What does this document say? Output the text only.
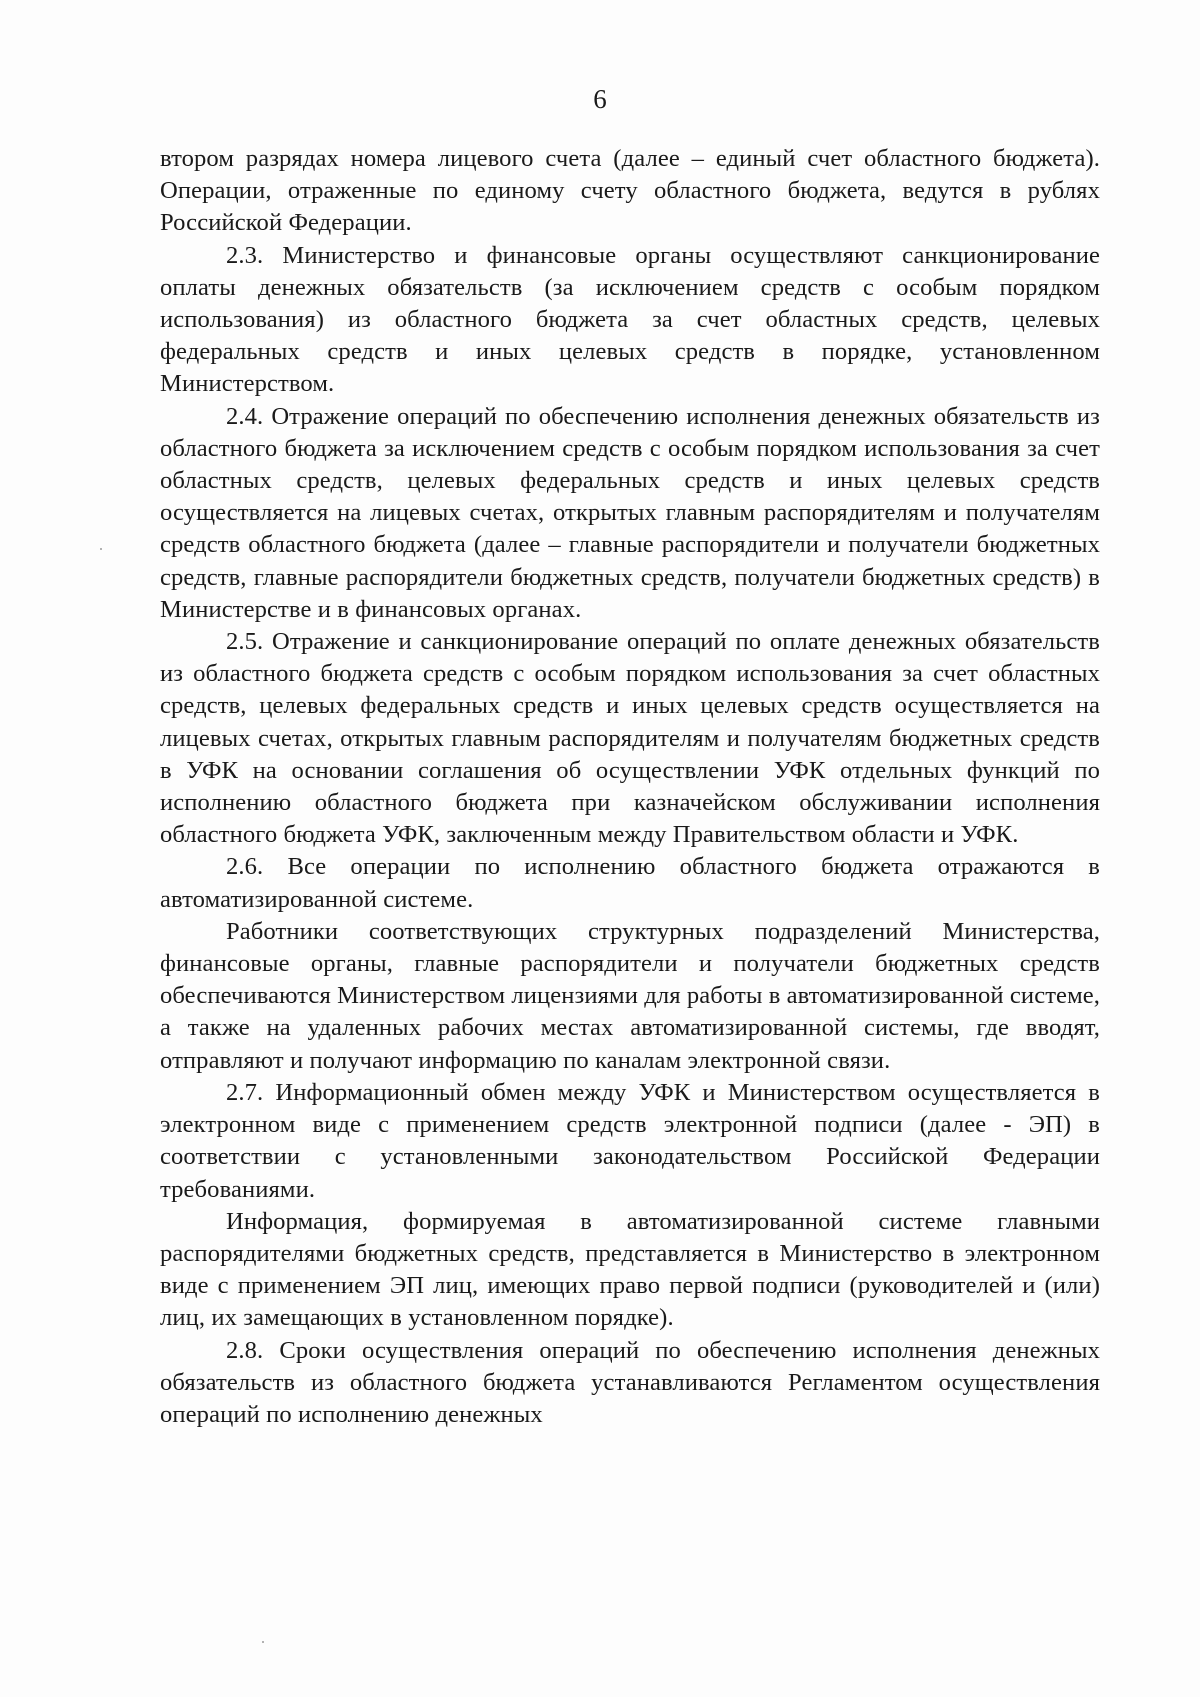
6

втором разрядах номера лицевого счета (далее – единый счет областного бюджета). Операции, отраженные по единому счету областного бюджета, ведутся в рублях Российской Федерации.

2.3. Министерство и финансовые органы осуществляют санкционирование оплаты денежных обязательств (за исключением средств с особым порядком использования) из областного бюджета за счет областных средств, целевых федеральных средств и иных целевых средств в порядке, установленном Министерством.

2.4. Отражение операций по обеспечению исполнения денежных обязательств из областного бюджета за исключением средств с особым порядком использования за счет областных средств, целевых федеральных средств и иных целевых средств осуществляется на лицевых счетах, открытых главным распорядителям и получателям средств областного бюджета (далее – главные распорядители и получатели бюджетных средств, главные распорядители бюджетных средств, получатели бюджетных средств) в Министерстве и в финансовых органах.

2.5. Отражение и санкционирование операций по оплате денежных обязательств из областного бюджета средств с особым порядком использования за счет областных средств, целевых федеральных средств и иных целевых средств осуществляется на лицевых счетах, открытых главным распорядителям и получателям бюджетных средств в УФК на основании соглашения об осуществлении УФК отдельных функций по исполнению областного бюджета при казначейском обслуживании исполнения областного бюджета УФК, заключенным между Правительством области и УФК.

2.6. Все операции по исполнению областного бюджета отражаются в автоматизированной системе.

Работники соответствующих структурных подразделений Министерства, финансовые органы, главные распорядители и получатели бюджетных средств обеспечиваются Министерством лицензиями для работы в автоматизированной системе, а также на удаленных рабочих местах автоматизированной системы, где вводят, отправляют и получают информацию по каналам электронной связи.

2.7. Информационный обмен между УФК и Министерством осуществляется в электронном виде с применением средств электронной подписи (далее - ЭП) в соответствии с установленными законодательством Российской Федерации требованиями.

Информация, формируемая в автоматизированной системе главными распорядителями бюджетных средств, представляется в Министерство в электронном виде с применением ЭП лиц, имеющих право первой подписи (руководителей и (или) лиц, их замещающих в установленном порядке).

2.8. Сроки осуществления операций по обеспечению исполнения денежных обязательств из областного бюджета устанавливаются Регламентом осуществления операций по исполнению денежных
